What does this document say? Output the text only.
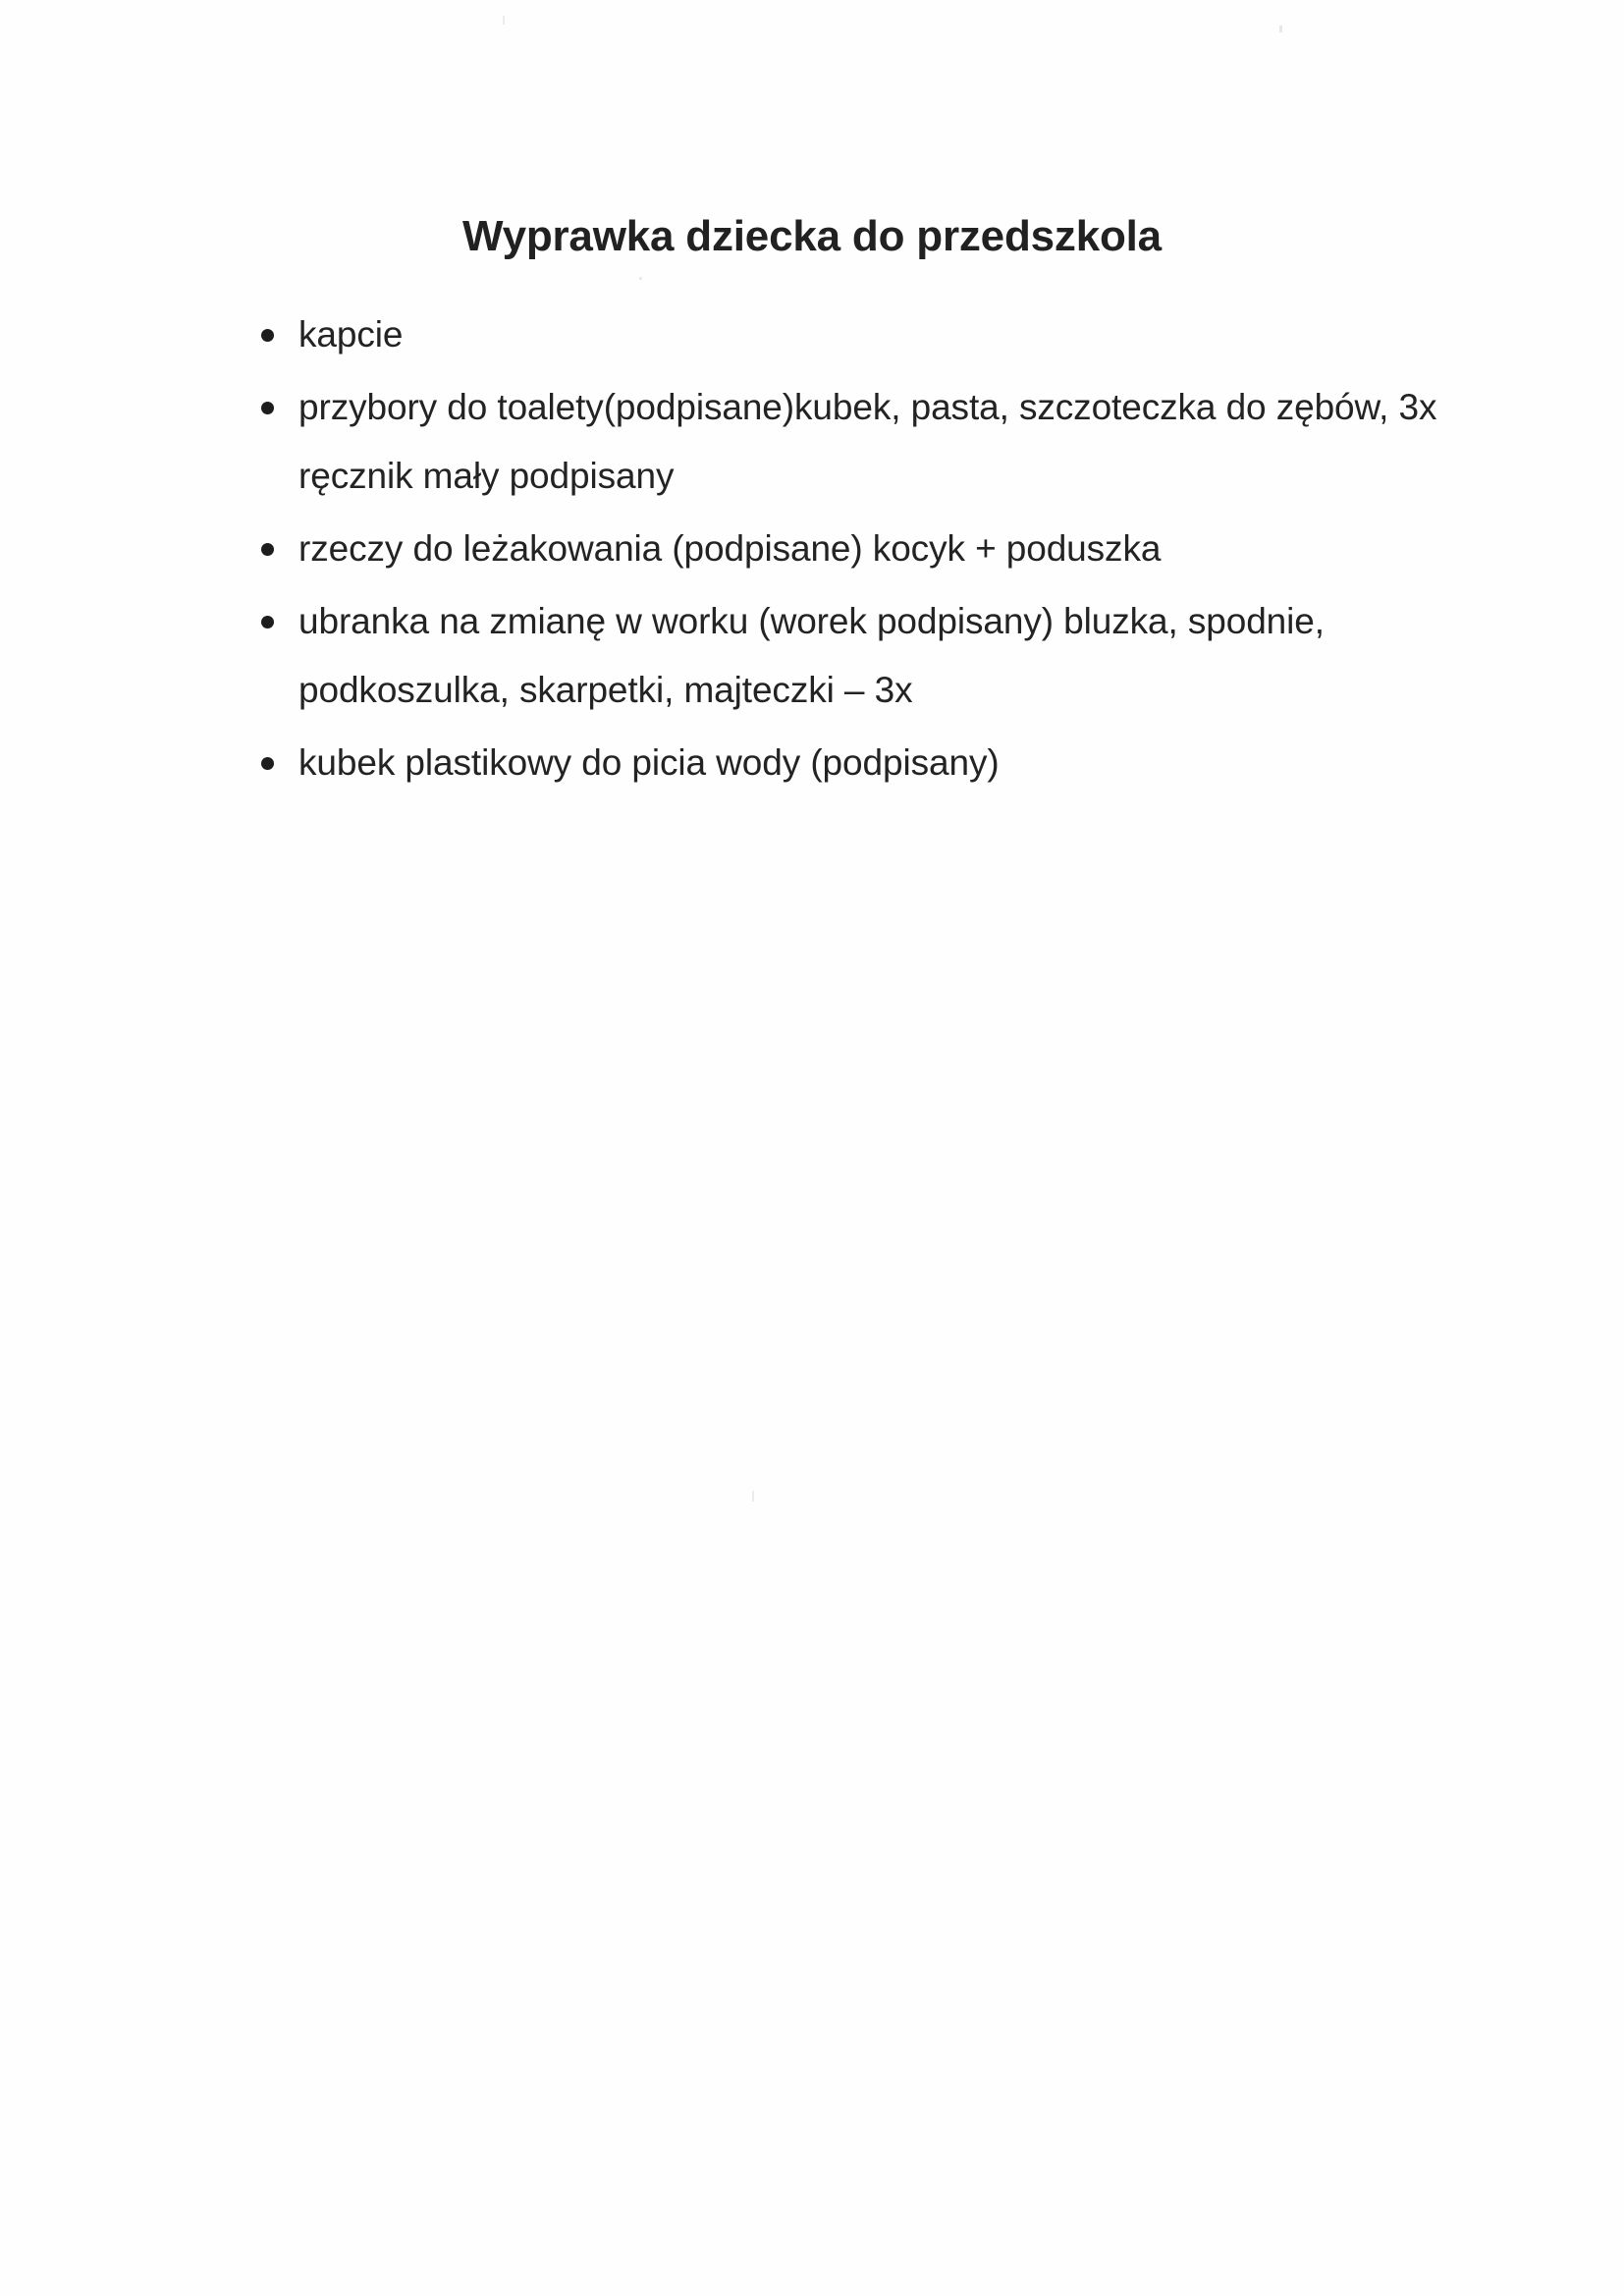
Wyprawka dziecka do przedszkola
kapcie
przybory do toalety(podpisane)kubek, pasta, szczoteczka do zębów, 3x ręcznik mały podpisany
rzeczy do leżakowania (podpisane) kocyk + poduszka
ubranka na zmianę w worku (worek podpisany) bluzka, spodnie, podkoszulka, skarpetki, majteczki – 3x
kubek plastikowy do picia wody (podpisany)
